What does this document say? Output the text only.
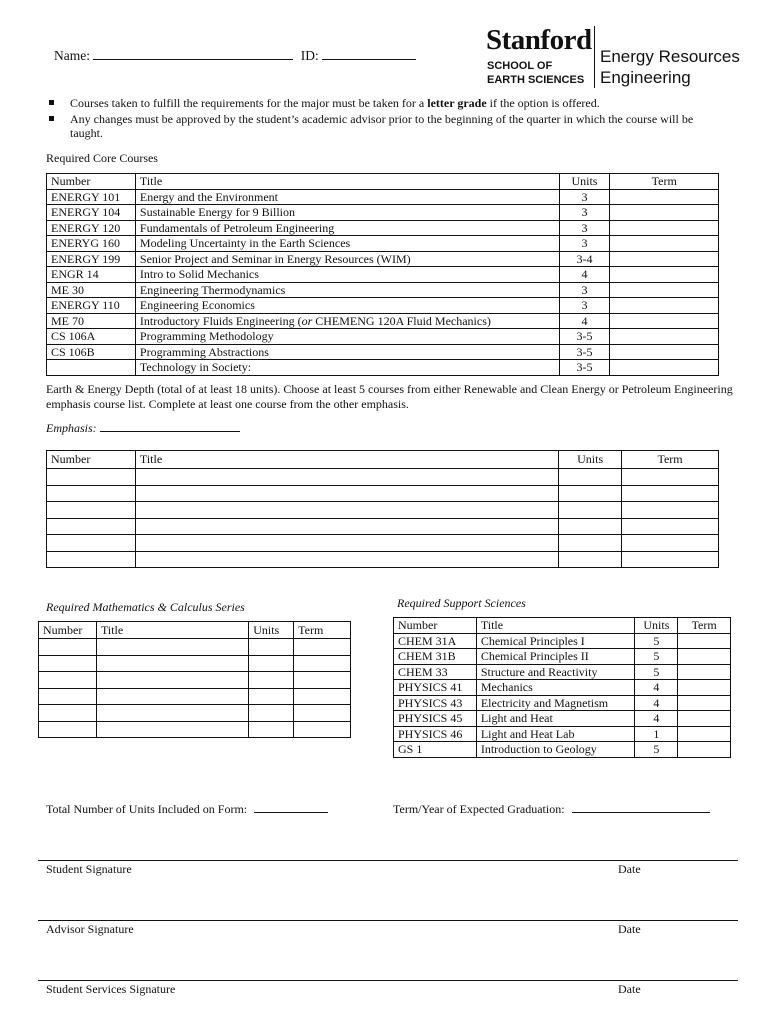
Name:	ID:	Stanford
SCHOOL OF
EARTH SCIENCES
Energy Resources
Engineering
Courses taken to fulfill the requirements for the major must be taken for a letter grade if the option is offered.
Any changes must be approved by the student’s academic advisor prior to the beginning of the quarter in which the course will be taught.
Required Core Courses
Number	Title	Units	Term
ENERGY 101	Energy and the Environment	3	
ENERGY 104	Sustainable Energy for 9 Billion	3	
ENERGY 120	Fundamentals of Petroleum Engineering	3	
ENERYG 160	Modeling Uncertainty in the Earth Sciences	3	
ENERGY 199	Senior Project and Seminar in Energy Resources (WIM)	3-4	
ENGR 14	Intro to Solid Mechanics	4	
ME 30	Engineering Thermodynamics	3	
ENERGY 110	Engineering Economics	3	
ME 70	Introductory Fluids Engineering (or CHEMENG 120A Fluid Mechanics)	4	
CS 106A	Programming Methodology	3-5	
CS 106B	Programming Abstractions	3-5	
	Technology in Society:	3-5	
Earth & Energy Depth (total of at least 18 units). Choose at least 5 courses from either Renewable and Clean Energy or Petroleum Engineering emphasis course list. Complete at least one course from the other emphasis.
Emphasis:
Number	Title	Units	Term

Required Mathematics & Calculus Series
Number	Title	Units	Term

Required Support Sciences
Number	Title	Units	Term
CHEM 31A	Chemical Principles I	5	
CHEM 31B	Chemical Principles II	5	
CHEM 33	Structure and Reactivity	5	
PHYSICS 41	Mechanics	4	
PHYSICS 43	Electricity and Magnetism	4	
PHYSICS 45	Light and Heat	4	
PHYSICS 46	Light and Heat Lab	1	
GS 1	Introduction to Geology	5	
Total Number of Units Included on Form:	Term/Year of Expected Graduation:
Student Signature	Date
Advisor Signature	Date
Student Services Signature	Date
